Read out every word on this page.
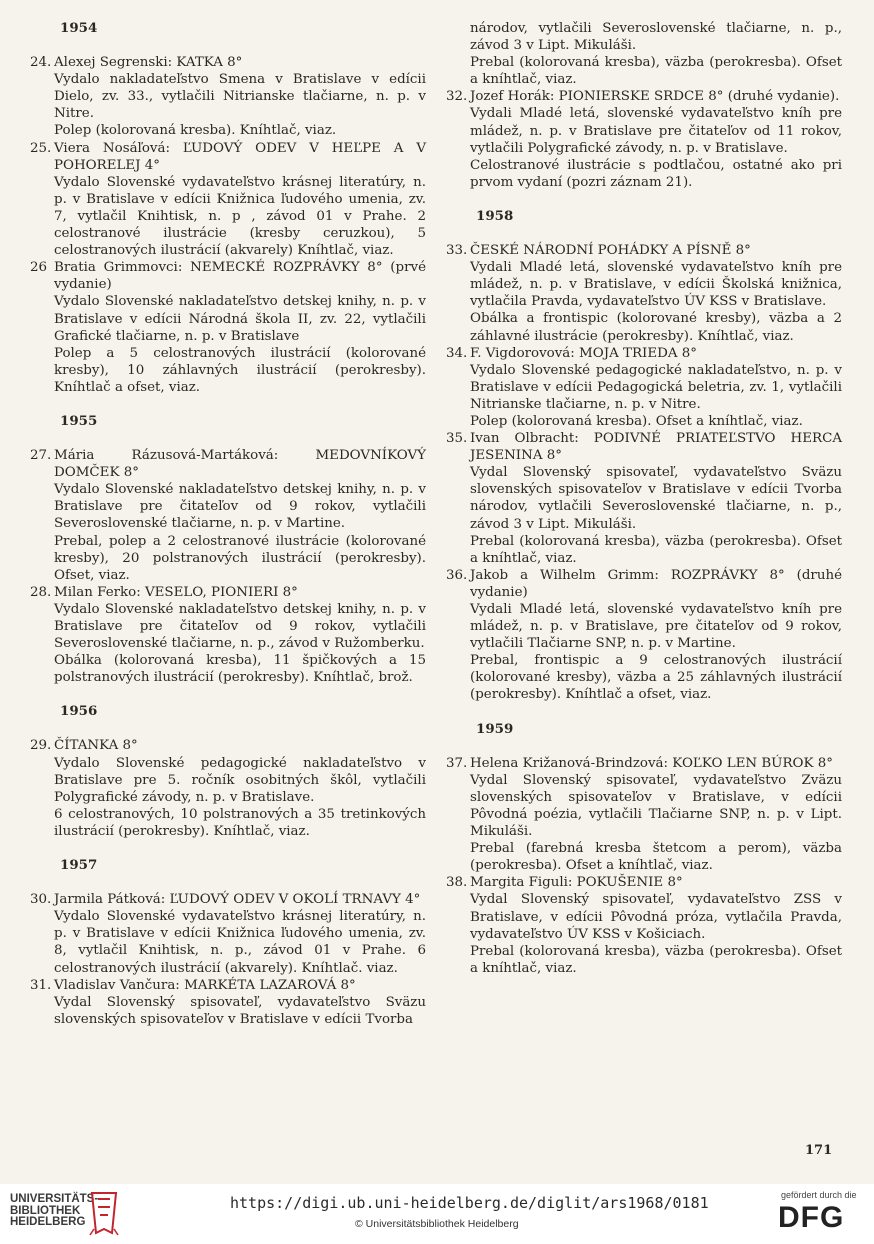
1954
24. Alexej Segrenski: KATKA 8°

Vydalo nakladateľstvo Smena v Bratislave v edícii Dielo, zv. 33., vytlačili Nitrianske tlačiarne, n. p. v Nitre.

Polep (kolorovaná kresba). Kníhtlač, viaz.

25. Viera Nosáľová: ĽUDOVÝ ODEV V HEĽPE A V POHORELEJ 4°

Vydalo Slovenské vydavateľstvo krásnej literatúry, n. p. v Bratislave v edícii Knižnica ľudového umenia, zv. 7, vytlačil Knihtisk, n. p , závod 01 v Prahe. 2 celostranové ilustrácie (kresby ceruzkou), 5 celostranových ilustrácií (akvarely) Kníhtlač, viaz.

26 Bratia Grimmovci: NEMECKÉ ROZPRÁVKY 8° (prvé vydanie)

Vydalo Slovenské nakladateľstvo detskej knihy, n. p. v Bratislave v edícii Národná škola II, zv. 22, vytlačili Grafické tlačiarne, n. p. v Bratislave

Polep a 5 celostranových ilustrácií (kolorované kresby), 10 záhlavných ilustrácií (perokresby). Kníhtlač a ofset, viaz.

1955
27. Mária Rázusová-Martáková: MEDOVNÍKOVÝ DOMČEK 8°

Vydalo Slovenské nakladateľstvo detskej knihy, n. p. v Bratislave pre čitateľov od 9 rokov, vytlačili Severoslovenské tlačiarne, n. p. v Martine.

Prebal, polep a 2 celostranové ilustrácie (kolorované kresby), 20 polstranových ilustrácií (perokresby). Ofset, viaz.

28. Milan Ferko: VESELO, PIONIERI 8°

Vydalo Slovenské nakladateľstvo detskej knihy, n. p. v Bratislave pre čitateľov od 9 rokov, vytlačili Severoslovenské tlačiarne, n. p., závod v Ružomberku.

Obálka (kolorovaná kresba), 11 špičkových a 15 polstranových ilustrácií (perokresby). Kníhtlač, brož.

1956
29. ČÍTANKA 8°

Vydalo Slovenské pedagogické nakladateľstvo v Bratislave pre 5. ročník osobitných škôl, vytlačili Polygrafické závody, n. p. v Bratislave.

6 celostranových, 10 polstranových a 35 tretinkových ilustrácií (perokresby). Kníhtlač, viaz.

1957
30. Jarmila Pátková: ĽUDOVÝ ODEV V OKOLÍ TRNAVY 4°

Vydalo Slovenské vydavateľstvo krásnej literatúry, n. p. v Bratislave v edícii Knižnica ľudového umenia, zv. 8, vytlačil Knihtisk, n. p., závod 01 v Prahe. 6 celostranových ilustrácií (akvarely). Kníhtlač. viaz.

31. Vladislav Vančura: MARKÉTA LAZAROVÁ 8°

Vydal Slovenský spisovateľ, vydavateľstvo Sväzu slovenských spisovateľov v Bratislave v edícii Tvorba

národov, vytlačili Severoslovenské tlačiarne, n. p., závod 3 v Lipt. Mikuláši.

Prebal (kolorovaná kresba), väzba (perokresba). Ofset a kníhtlač, viaz.

32. Jozef Horák: PIONIERSKE SRDCE 8° (druhé vydanie).

Vydali Mladé letá, slovenské vydavateľstvo kníh pre mládež, n. p. v Bratislave pre čitateľov od 11 rokov, vytlačili Polygrafické závody, n. p. v Bratislave.

Celostranové ilustrácie s podtlačou, ostatné ako pri prvom vydaní (pozri záznam 21).

1958
33. ČESKÉ NÁRODNÍ POHÁDKY A PÍSNĚ 8°

Vydali Mladé letá, slovenské vydavateľstvo kníh pre mládež, n. p. v Bratislave, v edícii Školská knižnica, vytlačila Pravda, vydavateľstvo ÚV KSS v Bratislave.

Obálka a frontispic (kolorované kresby), väzba a 2 záhlavné ilustrácie (perokresby). Kníhtlač, viaz.

34. F. Vigdorovová: MOJA TRIEDA 8°

Vydalo Slovenské pedagogické nakladateľstvo, n. p. v Bratislave v edícii Pedagogická beletria, zv. 1, vytlačili Nitrianske tlačiarne, n. p. v Nitre.

Polep (kolorovaná kresba). Ofset a kníhtlač, viaz.

35. Ivan Olbracht: PODIVNÉ PRIATEĽSTVO HERCA JESENINA 8°

Vydal Slovenský spisovateľ, vydavateľstvo Sväzu slovenských spisovateľov v Bratislave v edícii Tvorba národov, vytlačili Severoslovenské tlačiarne, n. p., závod 3 v Lipt. Mikuláši.

Prebal (kolorovaná kresba), väzba (perokresba). Ofset a kníhtlač, viaz.

36. Jakob a Wilhelm Grimm: ROZPRÁVKY 8° (druhé vydanie)

Vydali Mladé letá, slovenské vydavateľstvo kníh pre mládež, n. p. v Bratislave, pre čitateľov od 9 rokov, vytlačili Tlačiarne SNP, n. p. v Martine.

Prebal, frontispic a 9 celostranových ilustrácií (kolorované kresby), väzba a 25 záhlavných ilustrácií (perokresby). Kníhtlač a ofset, viaz.

1959
37. Helena Križanová-Brindzová: KOĽKO LEN BÚROK 8°

Vydal Slovenský spisovateľ, vydavateľstvo Zväzu slovenských spisovateľov v Bratislave, v edícii Pôvodná poézia, vytlačili Tlačiarne SNP, n. p. v Lipt. Mikuláši.

Prebal (farebná kresba štetcom a perom), väzba (perokresba). Ofset a kníhtlač, viaz.

38. Margita Figuli: POKUŠENIE 8°

Vydal Slovenský spisovateľ, vydavateľstvo ZSS v Bratislave, v edícii Pôvodná próza, vytlačila Pravda, vydavateľstvo ÚV KSS v Košiciach.

Prebal (kolorovaná kresba), väzba (perokresba). Ofset a kníhtlač, viaz.

171
UNIVERSITÄTS-
BIBLIOTHEK
HEIDELBERG
https://digi.ub.uni-heidelberg.de/diglit/ars1968/0181
© Universitätsbibliothek Heidelberg
gefördert durch die
DFG
